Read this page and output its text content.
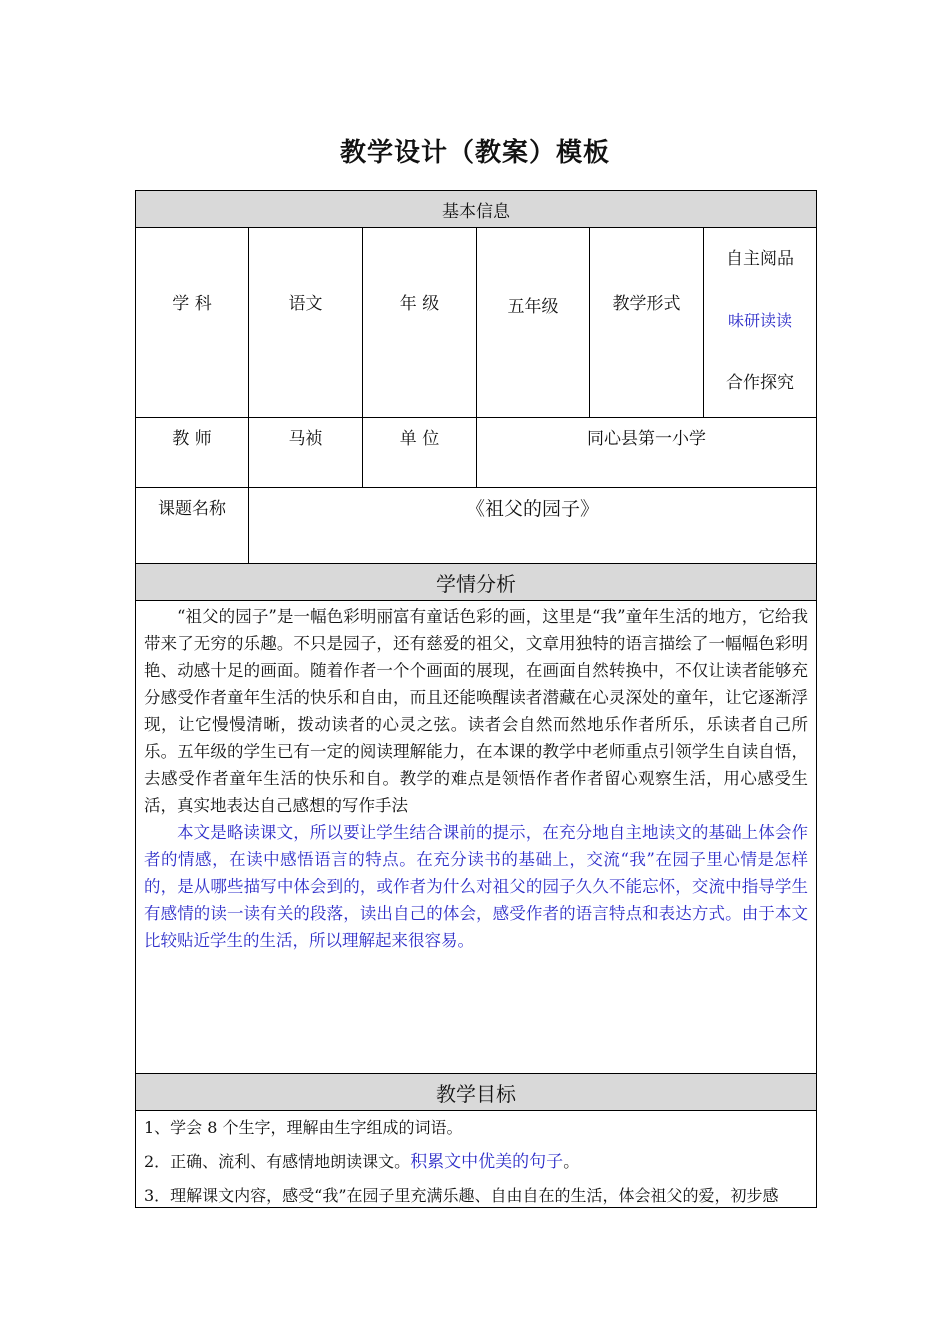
教学设计（教案）模板
基本信息					
学 科	语文	年 级	五年级	教学形式	自主阅品
味研读读
合作探究

教 师	马祯	单 位	同心县第一小学		
课题名称	《祖父的园子》				
学情分析					

“祖父的园子”是一幅色彩明丽富有童话色彩的画，这里是“我”童年生活的地方，它给我带来了无穷的乐趣。不只是园子，还有慈爱的祖父，文章用独特的语言描绘了一幅幅色彩明艳、动感十足的画面。随着作者一个个画面的展现，在画面自然转换中，不仅让读者能够充分感受作者童年生活的快乐和自由，而且还能唤醒读者潜藏在心灵深处的童年，让它逐渐浮现，让它慢慢清晰，拨动读者的心灵之弦。读者会自然而然地乐作者所乐，乐读者自己所乐。五年级的学生已有一定的阅读理解能力，在本课的教学中老师重点引领学生自读自悟，去感受作者童年生活的快乐和自。教学的难点是领悟作者作者留心观察生活，用心感受生活，真实地表达自己感想的写作手法

本文是略读课文，所以要让学生结合课前的提示，在充分地自主地读文的基础上体会作者的情感，在读中感悟语言的特点。在充分读书的基础上，交流“我”在园子里心情是怎样的，是从哪些描写中体会到的，或作者为什么对祖父的园子久久不能忘怀，交流中指导学生有感情的读一读有关的段落，读出自己的体会，感受作者的语言特点和表达方式。由于本文比较贴近学生的生活，所以理解起来很容易。					

教学目标					

1、学会 8 个生字，理解由生字组成的词语。

2．正确、流利、有感情地朗读课文。积累文中优美的句子。

3．理解课文内容，感受“我”在园子里充满乐趣、自由自在的生活，体会祖父的爱，初步感					
